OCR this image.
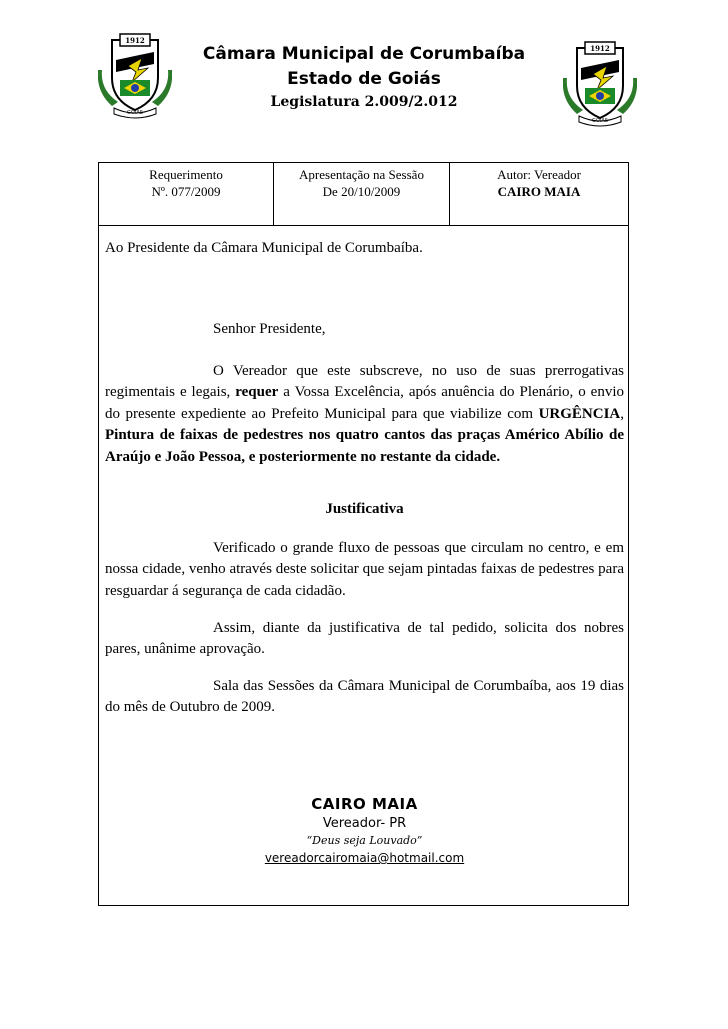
1912
GOIÁS
1912
GOIÁS
Câmara Municipal de Corumbaíba
Estado de Goiás
Legislatura 2.009/2.012
Requerimento
Nº. 077/2009
Apresentação na Sessão
De 20/10/2009
Autor: Vereador
CAIRO MAIA
Ao Presidente da Câmara Municipal de Corumbaíba.
Senhor Presidente,
O Vereador que este subscreve, no uso de suas prerrogativas regimentais e legais, requer a Vossa Excelência, após anuência do Plenário, o envio do presente expediente ao Prefeito Municipal para que viabilize com URGÊNCIA, Pintura de faixas de pedestres nos quatro cantos das praças Américo Abílio de Araújo e João Pessoa, e posteriormente no restante da cidade.
Justificativa
Verificado o grande fluxo de pessoas que circulam no centro, e em nossa cidade, venho através deste solicitar que sejam pintadas faixas de pedestres para resguardar á segurança de cada cidadão.
Assim, diante da justificativa de tal pedido, solicita dos nobres pares, unânime aprovação.
Sala das Sessões da Câmara Municipal de Corumbaíba, aos 19 dias do mês de Outubro de 2009.
CAIRO MAIA
Vereador- PR
“Deus seja Louvado”
vereadorcairomaia@hotmail.com
